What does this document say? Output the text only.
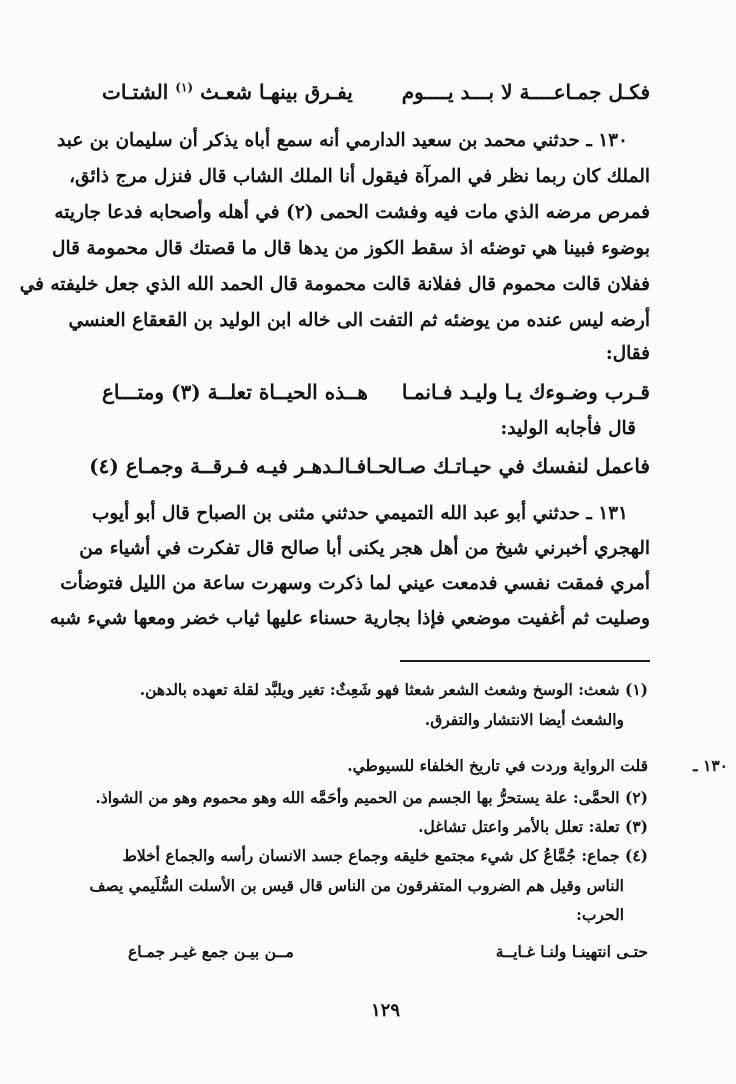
فكـل جمـاعــــة لا بـــد يــــوم
يفـرق بينهـا شعـث $^{(١)}$ الشتـات
١٣٠ ـ حدثني محمد بن سعيد الدارمي أنه سمع أباه يذكر أن سليمان بن عبد
الملك كان ربما نظر في المرآة فيقول أنا الملك الشاب قال فنزل مرج ذائق،
فمرص مرضه الذي مات فيه وفشت الحمى (٢) في أهله وأصحابه فدعا جاريته
بوضوء فبينا هي توضئه اذ سقط الكوز من يدها قال ما قصتك قال محمومة قال
ففلان قالت محموم قال ففلانة قالت محمومة قال الحمد الله الذي جعل خليفته في
أرضه ليس عنده من يوضئه ثم التفت الى خاله ابن الوليد بن القعقاع العنسي
فقال:
قـرب وضـوءك يـا وليـد فـانمـا
هــذه الحيــاة تعلــة (٣) ومتـــاع
قال فأجابه الوليد:
فاعمل لنفسك في حيـاتـك صـالحـا
فـالـدهـر فيـه فـرقــة وجمـاع (٤)
١٣١ ـ حدثني أبو عبد الله التميمي حدثني مثنى بن الصباح قال أبو أيوب
الهجري أخبرني شيخ من أهل هجر يكنى أبا صالح قال تفكرت في أشياء من
أمري فمقت نفسي فدمعت عيني لما ذكرت وسهرت ساعة من الليل فتوضأت
وصليت ثم أغفيت موضعي فإذا بجارية حسناء عليها ثياب خضر ومعها شيء شبه
(١) شعث: الوسخ وشعث الشعر شعثا فهو شَعِثٌ: تغير ويلبَّد لقلة تعهده بالدهن.
والشعث أيضا الانتشار والتفرق.
١٣٠ ـ
قلت الرواية وردت في تاريخ الخلفاء للسيوطي.
(٢) الحمَّى: علة يستحرُّ بها الجسم من الحميم وأحَمَّه الله وهو محموم وهو من الشواذ.
(٣) تعلة: تعلل بالأمر واعتل تشاغل.
(٤) جماع: جُمَّاعُ كل شيء مجتمع خليقه وجماع جسد الانسان رأسه والجماع أخلاط
الناس وقيل هم الضروب المتفرقون من الناس قال قيس بن الأسلت السُّلَيمي يصف
الحرب:
حتـى انتهينـا ولنـا غـايــة
مــن بيـن جمع غيـر جمـاع
١٢٩
